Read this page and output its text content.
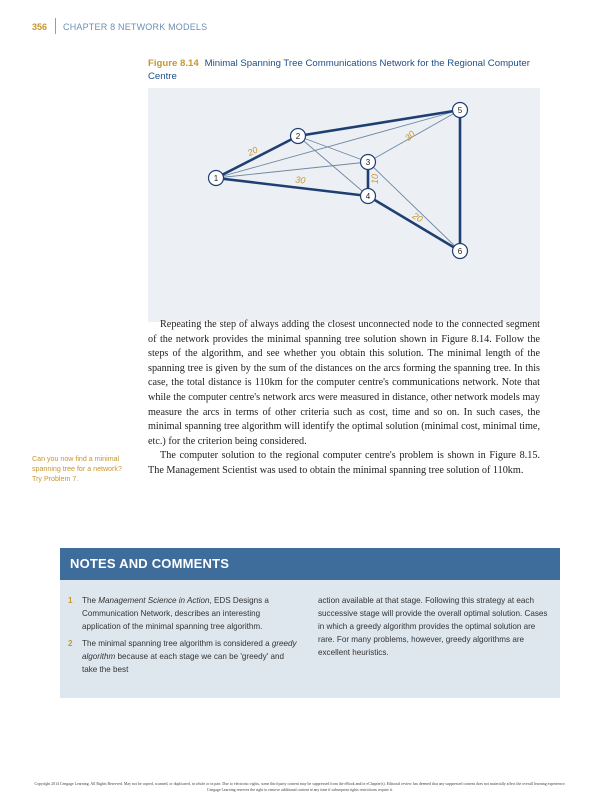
356 CHAPTER 8 NETWORK MODELS
Figure 8.14 Minimal Spanning Tree Communications Network for the Regional Computer Centre
20
30
30	10
20
1
2
3
4
5
6

Repeating the step of always adding the closest unconnected node to the connected segment of the network provides the minimal spanning tree solution shown in Figure 8.14. Follow the steps of the algorithm, and see whether you obtain this solution. The minimal length of the spanning tree is given by the sum of the distances on the arcs forming the spanning tree. In this case, the total distance is 110km for the computer centre's communications network. Note that while the computer centre's network arcs were measured in distance, other network models may measure the arcs in terms of other criteria such as cost, time and so on. In such cases, the minimal spanning tree algorithm will identify the optimal solution (minimal cost, minimal time, etc.) for the criterion being considered.

The computer solution to the regional computer centre's problem is shown in Figure 8.15. The Management Scientist was used to obtain the minimal spanning tree solution of 110km.

Can you now find a minimal spanning tree for a network? Try Problem 7.
NOTES AND COMMENTS
1 The Management Science in Action, EDS Designs a Communication Network, describes an interesting application of the minimal spanning tree algorithm.
2 The minimal spanning tree algorithm is considered a greedy algorithm because at each stage we can be 'greedy' and take the best
action available at that stage. Following this strategy at each successive stage will provide the overall optimal solution. Cases in which a greedy algorithm provides the optimal solution are rare. For many problems, however, greedy algorithms are excellent heuristics.
Copyright 2014 Cengage Learning. All Rights Reserved. May not be copied, scanned, or duplicated, in whole or in part. Due to electronic rights, some third party content may be suppressed from the eBook and/or eChapter(s). Editorial review has deemed that any suppressed content does not materially affect the overall learning experience. Cengage Learning reserves the right to remove additional content at any time if subsequent rights restrictions require it.
